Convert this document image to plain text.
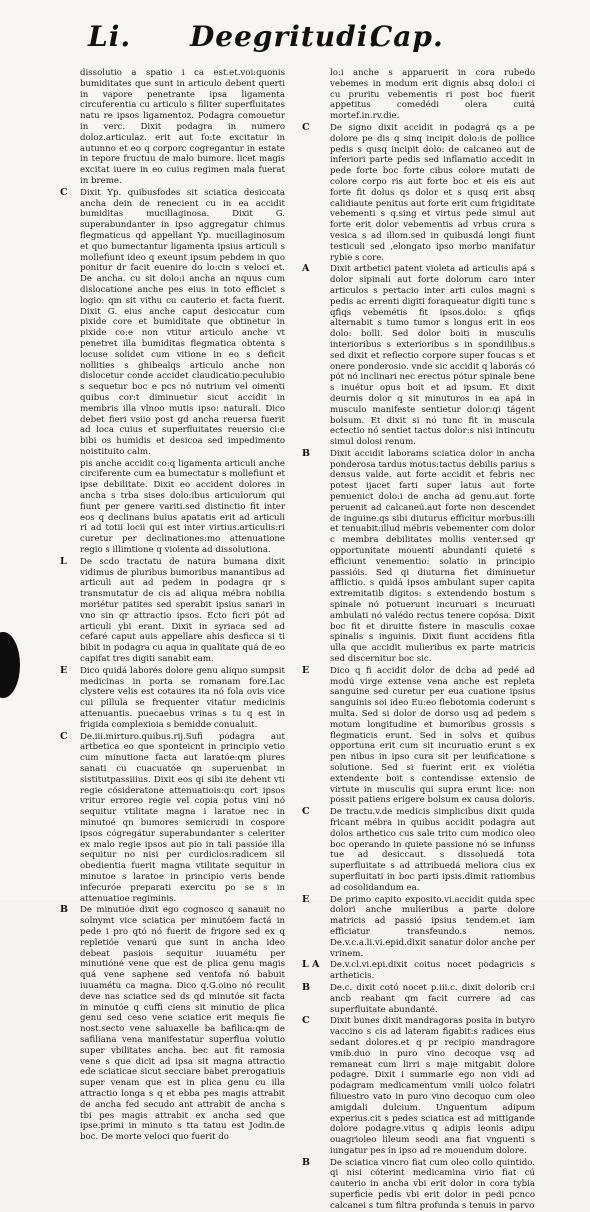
Li. Deegritudi.
Cap.
dissolutio a spatio i ca est.et.voi:quonis bumiditates que sunt in articulo debent querti in vapore penetrante ipsa ligamenta circuferentia cu articulo s filiter superfluitates natu re ipsos ligamentoz. Podagra comouetur in verc. Dixit podagra in numero doloz.articulaz. erit aut fo:te excitatur in autunno et eo q corporc cogregantur in estate in tepore fructuu de malo bumore. licet magis excitat iuere in eo cuius regimen mala fuerat in breme.
C Dixit Yp. quibusfodes sit sciatica desiccata ancha dein de renecient cu in ea accidit bumiditas mucillaginosa. Dixit G. superabundanter in ipso aggregatur chimus flegmaticus qd appellant Yp. mucillaginosum et quo bumectantur ligamenta ipsius articuli s mollefiunt ideo q exeunt ipsum pebdem in quo ponitur dr facit euenire do lo:cin s veloci et. De ancha. cu sit dolo:i ancha an nquus cum dislocatione anche pes eius in toto efficiet s logio: qm sit vithu cu cauterio et facta fuerit. Dixit G. eius anche caput desiccatur cum pixide core et bumiditate que obtinetur in pixide co:e non vtitur articulo anche vt penetret illa bumiditas flegmatica obtenta s locuse solidet cum vitione in eo s deficit nollities s ghibealqs articulo anche non dislocetur conde accidet claudicatio.peculubio s sequetur boc e pcs nó nutrium vel oimenti quibus cor:t diminuetur sicut accidit in membris illa vlnoo mutis ipso: naturali. Dico debet fieri vsiio post gd ancha reuersa fuerit ad loca cuius et superfluitates reuersio ci:e bibi os humidis et desicoa sed impedimento noistituito calm.
pis anche accidit co:q ligamenta articuli anche circiferente cum ea bumectatur s mollefiunt et ipse debilitate. Dixit eo accident dolores in ancha s trba sises dolo:ibus articulorum qui fiunt per genere variti.sed distinctio fit inter eos q declinans buius apatatis erit ad articuli ri ad totii locii qui est inter virtius.articulis:ri curetur per declinationes:mo attenuatione regio s illimtione q violenta ad dissolutiona.
L De scdo tractatu de natura bumana dixit vidimus de pluribus bumoribus manantibus ad articuli aut ad pedem in podagra qr s transmutatur de cis ad aliqua mébra nobilia moriétur patites sed sperabit ipsius sanari in vno sin qr attractio ipsos. Ecto ficri pót ad articuli ybi erant. Dixit in syriaca sed ad cefaré caput auis appellare ahis desficca si ti bibit in podagra cu aqua in qualitate quá de eo capifat tres digiti sanabit eam.
E Dico quidá laborés dolore genu aliquo sumpsit medicinas in porta se romanam fore.Lac clystere velis est cotaures ita nó fola ovis vice cui pillula se frequenter vitatur medicinis attenuantis. puecaebus vrinas s tu q est in frigida complexioia s bemidde conualuit.
C De.iii.mirturo.quibus.rij.Sufi podagra aut artbetica eo que sponteicnt in principio vetio cum minutione facta aut laratóe:qm plures sanati cu cuacuatóe qn superuenbat in sistitutpassiiius. Dixit eos qi sibi ite dehent vti regie cósideratone attenuatiois:qu cort ipsos vritur erroreo regie vel copia potus vini nó sequitur vtilitate magna i laratoe nec in minutoé qn bumores semicrudi in cospore ipsos cógregátur superabundanter s celeriter ex malo regie ipsos aut pio in tali passióe illa sequitur no nisi per curdiclos:radicem sil obedientia fuerit magna vtilitate sequitur in minutoe s laratoe in principio veris bende infecuróe preparati exercitu po se s in attenuatioe regiminis.
B De minutióe dixit ego cognosco q sanauit no solnymt vice sciatica per minutóem factá in pede i pro qtó nó fuerit de frigore sed ex q repletióe venarú que sunt in ancha ideo debeat pasiois sequitur iuuamétu per minutióné vene que est de plica genu magis quá vene saphene sed ventofa nó babuit iuuamétu ca magna. Dico q.G.oino nó reculit deve nas sciatice sed ds qd minutóe sit facta in minutóe q cuffi ciens sit minutio de plica genu sed ceso vene sciatice erit mequis fie nost.secto vene saluaxelle ba bafilica:qm de safiliana vena manifestatur superflua volutio super vbilitates ancha. bec aut fit ramosia vene s que dicit ad ipsa sit magna attractio ede sciaticae sicut secciare babet prerogatiuis super venam que est in plica genu cu illa attractio longa s q et ebba pes magis attrabit de ancha fed secudo ant attrabit de ancha s tbi pes magis attrabit ex ancha sed que ipse.primi in minuto s tta tatuu est Jodin.de boc. De morte veloci quo fuerit do
lo:i anche s apparuerit in cora rubedo vebemes in modum erit dignis absq dolo:i ci cu pruritu vebementis ri post boc fuerit appetitus comedédi olera cuitá mortef.in.rv.die.
C De signo dixit accidit in podagrá qs a pe dolore pe dis q sinq incipit dolo:is de pollice pedis s qusq incipit dolo: de calcaneo aut de inferiori parte pedis sed inflamatio accedit in pede forte boc forte cibus colore mutati de colore corpo ris aut forte boc et eis eis aut forte fit dolus qs dolor et s qusq erit absq calidiaute penitus aut forte erit cum frigiditate vebementi s q.sing et virtus pede simul aut forte erit dolor vebementis ad vrbus crura s vesica s ad illom.sed in quibusdá longi fiunt testiculi sed ,elongato ipso morbo manifatur rybie s core.
A Dixit artbetici patent violeta ad articulis apá s dolor sipinali aut forte dolorum caro inter articulos s pertacio inter arti culos magni s pedis ac errenti digiti foraqueatur digiti tunc s qfiqs vebemétis fit ipsos.dolo: s qfiqs alternabit s tumo tumor s longus erit in eos dolo: bolli. Sed dolor boiti in musculis interioribus s exterioribus s in spondilibus.s sed dixit et reflectio corpore super foucas s et onere ponderosio. vnde sic accidit q laborás có pót nó inclinari nec erectus pótur spinale bene s inuétur opus boit et ad ipsum. Et dixit deurnis dolor q sit minuturos in ea apá in musculo manifeste sentietur dolor:qi tágent bolsum. Et dixit si nó tunc fit in muscula ectectio nó sentiet tactus dolor:s nisi intincutu simul dolosi renum.
B Dixit accidit laborams sciatica dolor in ancha ponderosa tardus motus:tactus debilis parius s densus valde. aut forte accidit et febris nec potest ijacet farti super latus aut forte penuenict dolo:i de ancha ad genu.aut forte peruenit ad calcaneú.aut forte non descendet de inguine.qs sibi diuturus efficitur morbus:illi et tenuabit:illud mébris vebementer com dolor c membra debilitates mollis venter.sed qr opportunitate mouenti abundanti quieté s efficiunt venementio: solatio in principio passióis. Sed qi diuturna fiet diminuetur afflictio. s quidá ipsos ambulant super capita extremitatib digitos: s extendendo bostum s spinale nó potuerunt incuruari s incuruati ambulati nó valédo rectus tenere copósa. Dixit boc fit et diruitte fistere in masculis coxae spinalis s inguinis. Dixit fiunt accidens fitla ulla que accidit mulieribus ex parte matricis sed discernitur boc sic.
E Dico q fi accidit dolor de dcba ad pedé ad modú virge extense vena anche est repleta sanguine sed curetur per eua cuatione ipsius sanguinis soi ideo Eu:eo flebotomia coderunt s multa. Sed si dolor de dorso usq ad pedem s motum longitudine et bumoribus grossis s flegmaticis erunt. Sed in solvs et quibus opportuna erit cum sit incuruatio erunt s ex pen nibus in ipso cura sit per leuificatione s solutione. Sed si fuerint erit ex violétia extendente boit s contendisse extensio de virtute in musculis qui supra erunt lice: non possit patiens erigere bolsum ex causa doloris.
C De tractu.v.de medicis simplicibus dixit quida fricant mébra in quibus accidit podagra aut dolos arthetico cus sale trito cum modico oleo boc operando in quiete passione nó se infunss tue ad desiccaut. s dissoluedá tota superfluitate s ad attribuedá meliora cius ex superfluitati in boc parti ipsis.dimit ratiombus ad cosolidandum ea.
E De primo capito exposito.vi.accidit quida spec dolori anche mulieribus a parte dolore matricis ad passió ipsius tendem.et iam efficiatur transfeundo.s nemos. De.v.c.a.li.vi.epid.dixit sanatur dolor anche per vrinem.
L A De.v.cl.vi.epi.dixit coitus nocet podagricis s artheticis.
B De.c. dixit cotó nocet p.iii.c. dixit dolorib cr:i ancb reabant qm facit currere ad cas superfluitate abundanté.
C Dixit bunes dixit mandragoras posita in butyro vaccino s cis ad lateram figabit:s radices eius sedant dolores.et q pr recipio mandragore vmib.duo in puro vino decoque vsq ad remaneat cum lirri s maje mitgabit dolore podagre. Dixit i summarie ego non vidi ad podagram medicamentum vmili uolco folatri filiuestro vato in puro vino decoquo cum oleo amigdali dulcium. Unguentum adipum experius.cit s pedes sciatica est ad mittigande dolore podagre.vitus q adipis leonis adipu ouagrioleo lileum seodi ana fiat vnguenti s iungatur pes in ipso ad re mouendum dolore.
B De sciatica vincro fiat cum oleo collo quintido. qi nisi cóterint medicamina virio fiat cú cauterio in ancha vbi erit dolor in cora tybia superficie pedis vbi erit dolor in pedi pcnco calcanei s tum filtra profunda s tenuis in parvo
